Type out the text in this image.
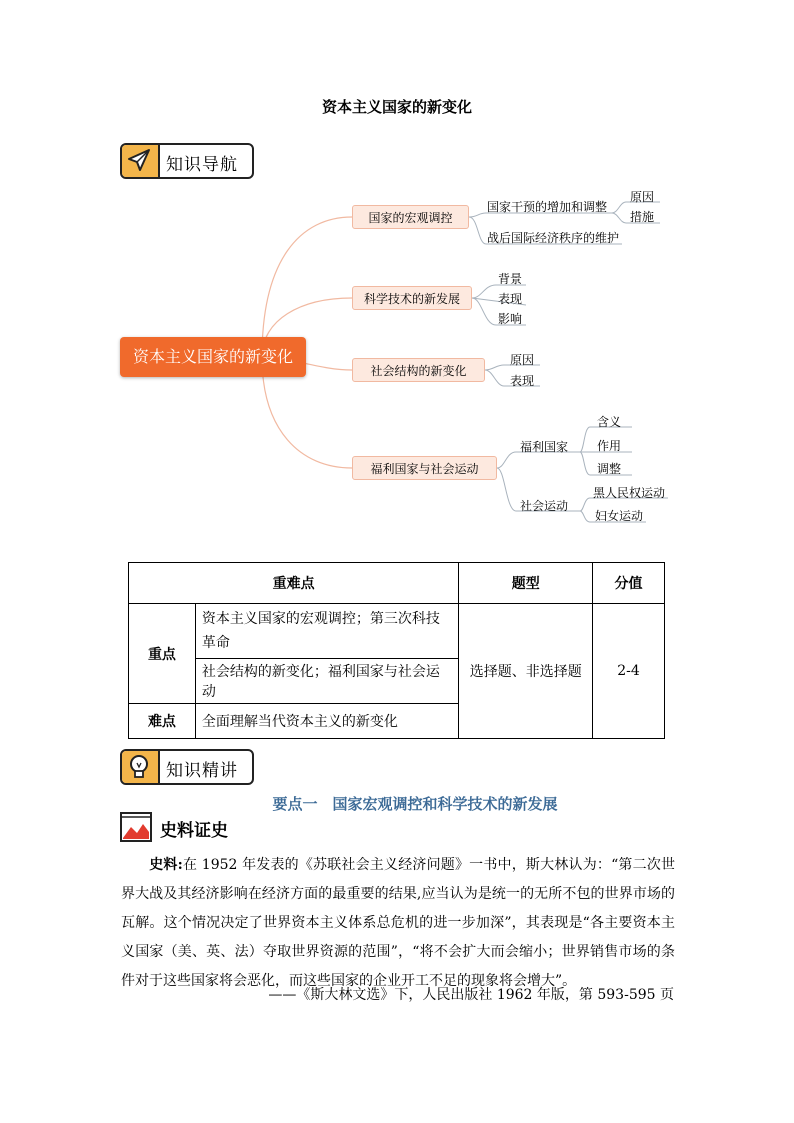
资本主义国家的新变化
知识导航
资本主义国家的新变化
国家的宏观调控
科学技术的新发展
社会结构的新变化
福利国家与社会运动
国家干预的增加和调整
战后国际经济秩序的维护
原因
措施
背景
表现
影响
原因
表现
福利国家
社会运动
含义
作用
调整
黑人民权运动
妇女运动
重难点		题型	分值
重点	资本主义国家的宏观调控；第三次科技革命	选择题、非选择题	2-4
	社会结构的新变化；福利国家与社会运动		
难点	全面理解当代资本主义的新变化		
知识精讲
要点一　国家宏观调控和科学技术的新发展
史料证史
史料:在 1952 年发表的《苏联社会主义经济问题》一书中，斯大林认为：“第二次世界大战及其经济影响在经济方面的最重要的结果,应当认为是统一的无所不包的世界市场的瓦解。这个情况决定了世界资本主义体系总危机的进一步加深”，其表现是“各主要资本主义国家（美、英、法）夺取世界资源的范围”，“将不会扩大而会缩小；世界销售市场的条件对于这些国家将会恶化，而这些国家的企业开工不足的现象将会增大”。
——《斯大林文选》下，人民出版社 1962 年版，第 593-595 页
